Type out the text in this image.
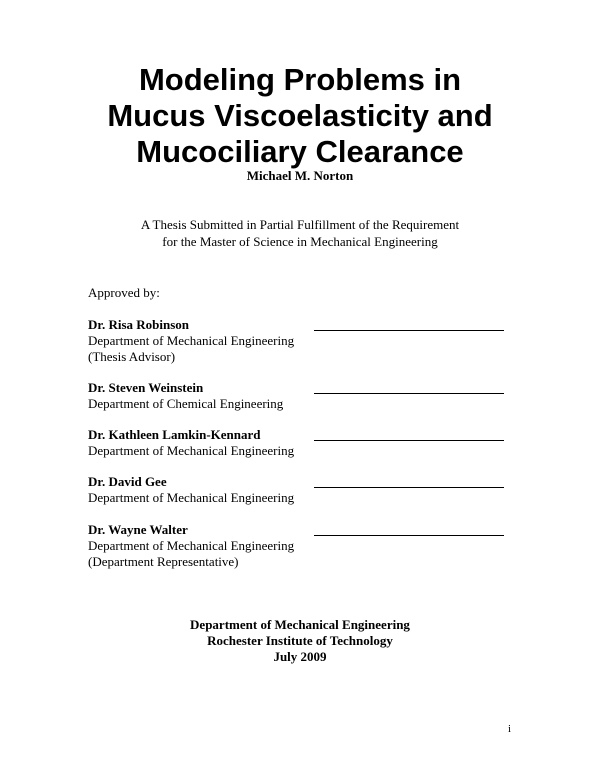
Modeling Problems in
Mucus Viscoelasticity and
Mucociliary Clearance
Michael M. Norton
A Thesis Submitted in Partial Fulfillment of the Requirement
for the Master of Science in Mechanical Engineering
Approved by:
Dr. Risa Robinson
Department of Mechanical Engineering
(Thesis Advisor)
Dr. Steven Weinstein
Department of Chemical Engineering
Dr. Kathleen Lamkin-Kennard
Department of Mechanical Engineering
Dr. David Gee
Department of Mechanical Engineering
Dr. Wayne Walter
Department of Mechanical Engineering
(Department Representative)
Department of Mechanical Engineering
Rochester Institute of Technology
July 2009
i
